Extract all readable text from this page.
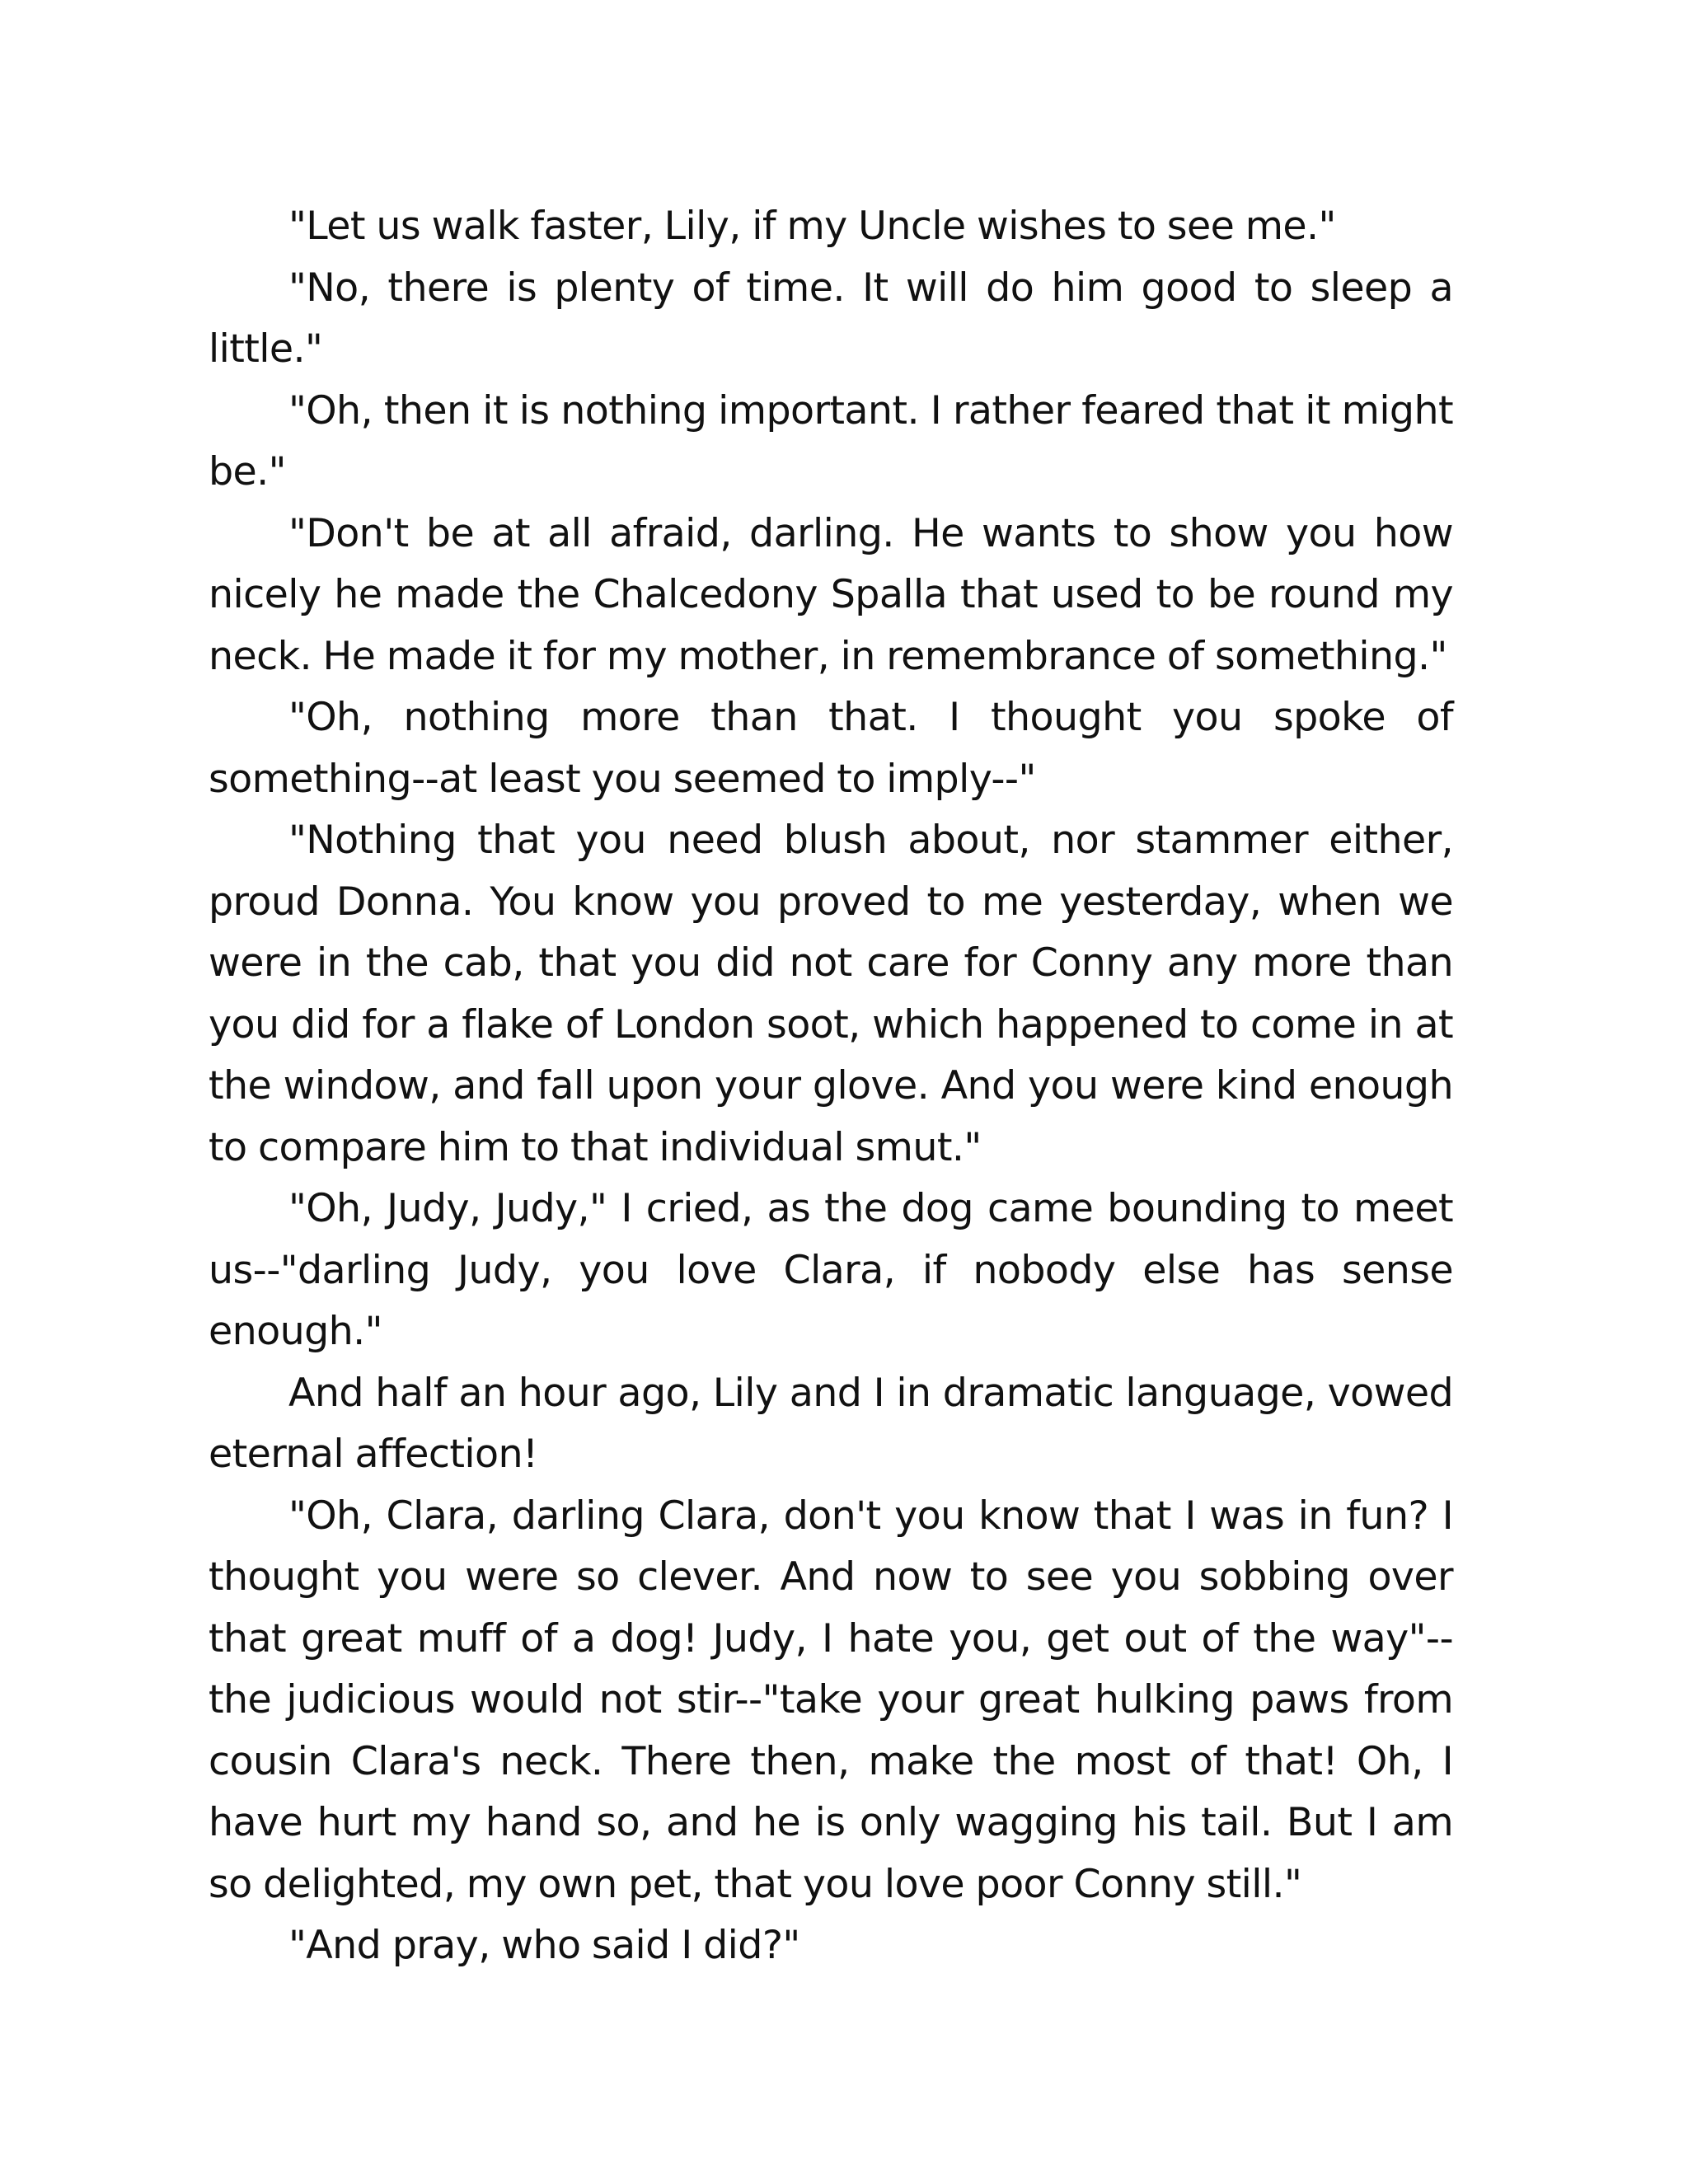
"Let us walk faster, Lily, if my Uncle wishes to see me."

"No, there is plenty of time. It will do him good to sleep a little."

"Oh, then it is nothing important. I rather feared that it might be."

"Don't be at all afraid, darling. He wants to show you how nicely he made the Chalcedony Spalla that used to be round my neck. He made it for my mother, in remembrance of something."

"Oh, nothing more than that. I thought you spoke of something--at least you seemed to imply--"

"Nothing that you need blush about, nor stammer either, proud Donna. You know you proved to me yesterday, when we were in the cab, that you did not care for Conny any more than you did for a flake of London soot, which happened to come in at the window, and fall upon your glove. And you were kind enough to compare him to that individual smut."

"Oh, Judy, Judy," I cried, as the dog came bounding to meet us--"darling Judy, you love Clara, if nobody else has sense enough."

And half an hour ago, Lily and I in dramatic language, vowed eternal affection!

"Oh, Clara, darling Clara, don't you know that I was in fun? I thought you were so clever. And now to see you sobbing over that great muff of a dog! Judy, I hate you, get out of the way"--the judicious would not stir--"take your great hulking paws from cousin Clara's neck. There then, make the most of that! Oh, I have hurt my hand so, and he is only wagging his tail. But I am so delighted, my own pet, that you love poor Conny still."

"And pray, who said I did?"
